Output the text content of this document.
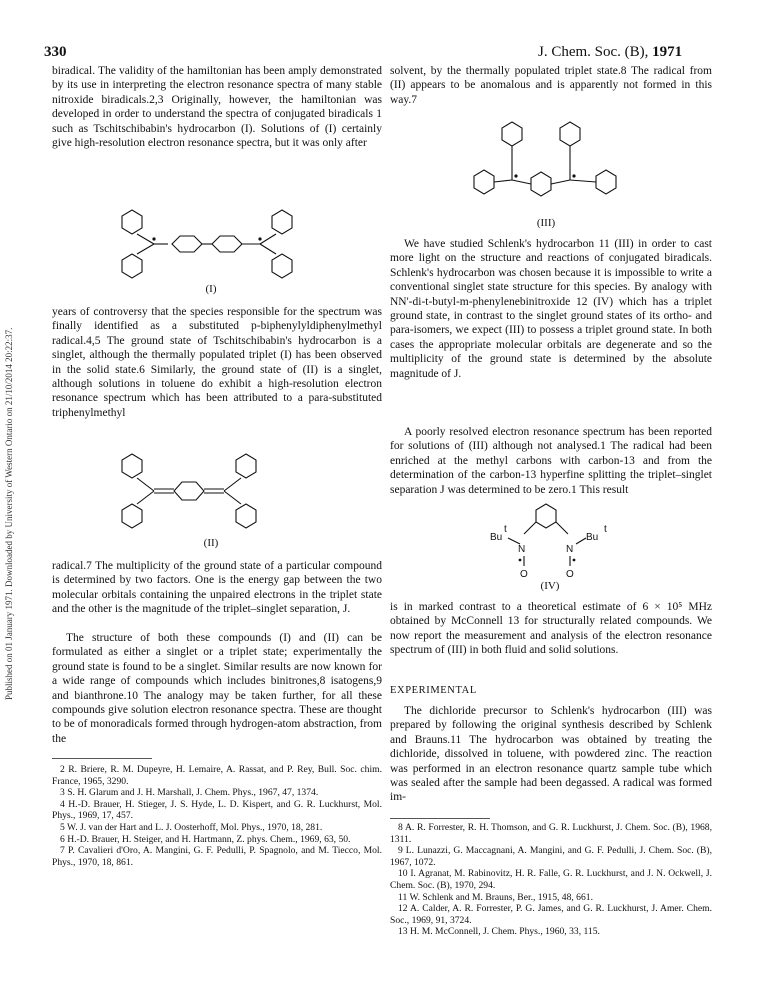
330	J. Chem. Soc. (B), 1971
Published on 01 January 1971. Downloaded by University of Western Ontario on 21/10/2014 20:22:37.

biradical. The validity of the hamiltonian has been amply demonstrated by its use in interpreting the electron resonance spectra of many stable nitroxide biradicals.2,3 Originally, however, the hamiltonian was developed in order to understand the spectra of conjugated biradicals 1 such as Tschitschibabin's hydrocarbon (I). Solutions of (I) certainly give high-resolution electron resonance spectra, but it was only after

(I)

years of controversy that the species responsible for the spectrum was finally identified as a substituted p-biphenylyldiphenylmethyl radical.4,5 The ground state of Tschitschibabin's hydrocarbon is a singlet, although the thermally populated triplet (I) has been observed in the solid state.6 Similarly, the ground state of (II) is a singlet, although solutions in toluene do exhibit a high-resolution electron resonance spectrum which has been attributed to a para-substituted triphenylmethyl

(II)

radical.7 The multiplicity of the ground state of a particular compound is determined by two factors. One is the energy gap between the two molecular orbitals containing the unpaired electrons in the triplet state and the other is the magnitude of the triplet–singlet separation, J.

The structure of both these compounds (I) and (II) can be formulated as either a singlet or a triplet state; experimentally the ground state is found to be a singlet. Similar results are now known for a wide range of compounds which includes binitrones,8 isatogens,9 and bianthrone.10 The analogy may be taken further, for all these compounds give solution electron resonance spectra. These are thought to be of monoradicals formed through hydrogen-atom abstraction, from the

2 R. Briere, R. M. Dupeyre, H. Lemaire, A. Rassat, and P. Rey, Bull. Soc. chim. France, 1965, 3290.

3 S. H. Glarum and J. H. Marshall, J. Chem. Phys., 1967, 47, 1374.

4 H.-D. Brauer, H. Stieger, J. S. Hyde, L. D. Kispert, and G. R. Luckhurst, Mol. Phys., 1969, 17, 457.

5 W. J. van der Hart and L. J. Oosterhoff, Mol. Phys., 1970, 18, 281.

6 H.-D. Brauer, H. Steiger, and H. Hartmann, Z. phys. Chem., 1969, 63, 50.

7 P. Cavalieri d'Oro, A. Mangini, G. F. Pedulli, P. Spagnolo, and M. Tiecco, Mol. Phys., 1970, 18, 861.

solvent, by the thermally populated triplet state.8 The radical from (II) appears to be anomalous and is apparently not formed in this way.7

(III)

We have studied Schlenk's hydrocarbon 11 (III) in order to cast more light on the structure and reactions of conjugated biradicals. Schlenk's hydrocarbon was chosen because it is impossible to write a conventional singlet state structure for this species. By analogy with NN'-di-t-butyl-m-phenylenebinitroxide 12 (IV) which has a triplet ground state, in contrast to the singlet ground states of its ortho- and para-isomers, we expect (III) to possess a triplet ground state. In both cases the appropriate molecular orbitals are degenerate and so the multiplicity of the ground state is determined by the absolute magnitude of J.

A poorly resolved electron resonance spectrum has been reported for solutions of (III) although not analysed.1 The radical had been enriched at the methyl carbons with carbon-13 and from the determination of the carbon-13 hyperfine splitting the triplet–singlet separation J was determined to be zero.1 This result

Bu
t
N
O
N
Bu
t
O
(IV)

is in marked contrast to a theoretical estimate of 6 × 10⁵ MHz obtained by McConnell 13 for structurally related compounds. We now report the measurement and analysis of the electron resonance spectrum of (III) in both fluid and solid solutions.

EXPERIMENTAL

The dichloride precursor to Schlenk's hydrocarbon (III) was prepared by following the original synthesis described by Schlenk and Brauns.11 The hydrocarbon was obtained by treating the dichloride, dissolved in toluene, with powdered zinc. The reaction was performed in an electron resonance quartz sample tube which was sealed after the sample had been degassed. A radical was formed im-

8 A. R. Forrester, R. H. Thomson, and G. R. Luckhurst, J. Chem. Soc. (B), 1968, 1311.

9 L. Lunazzi, G. Maccagnani, A. Mangini, and G. F. Pedulli, J. Chem. Soc. (B), 1967, 1072.

10 I. Agranat, M. Rabinovitz, H. R. Falle, G. R. Luckhurst, and J. N. Ockwell, J. Chem. Soc. (B), 1970, 294.

11 W. Schlenk and M. Brauns, Ber., 1915, 48, 661.

12 A. Calder, A. R. Forrester, P. G. James, and G. R. Luckhurst, J. Amer. Chem. Soc., 1969, 91, 3724.

13 H. M. McConnell, J. Chem. Phys., 1960, 33, 115.
